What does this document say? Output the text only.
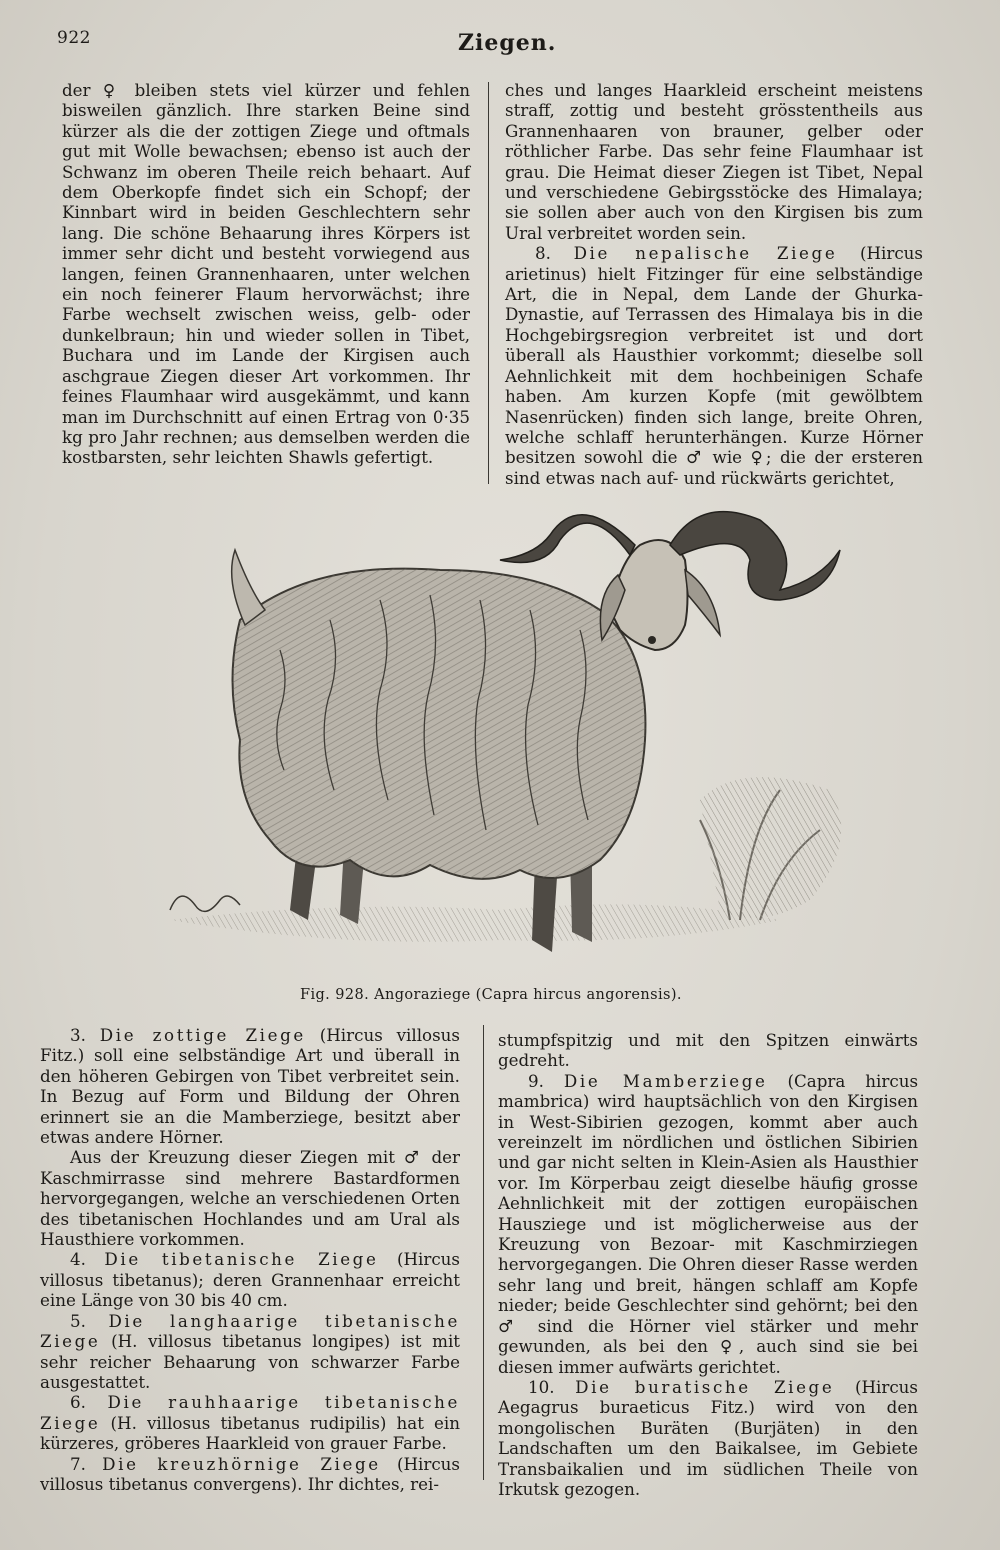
922	Ziegen.

der ♀ bleiben stets viel kürzer und fehlen bisweilen gänzlich. Ihre starken Beine sind kürzer als die der zottigen Ziege und oftmals gut mit Wolle bewachsen; ebenso ist auch der Schwanz im oberen Theile reich behaart. Auf dem Oberkopfe findet sich ein Schopf; der Kinnbart wird in beiden Geschlechtern sehr lang. Die schöne Behaarung ihres Körpers ist immer sehr dicht und besteht vorwiegend aus langen, feinen Grannenhaaren, unter welchen ein noch feinerer Flaum hervorwächst; ihre Farbe wechselt zwischen weiss, gelb- oder dunkelbraun; hin und wieder sollen in Tibet, Buchara und im Lande der Kirgisen auch aschgraue Ziegen dieser Art vorkommen. Ihr feines Flaumhaar wird ausgekämmt, und kann man im Durchschnitt auf einen Ertrag von 0·35 kg pro Jahr rechnen; aus demselben werden die kostbarsten, sehr leichten Shawls gefertigt.

ches und langes Haarkleid erscheint meistens straff, zottig und besteht grösstentheils aus Grannenhaaren von brauner, gelber oder röthlicher Farbe. Das sehr feine Flaumhaar ist grau. Die Heimat dieser Ziegen ist Tibet, Nepal und verschiedene Gebirgsstöcke des Himalaya; sie sollen aber auch von den Kirgisen bis zum Ural verbreitet worden sein.

8. Die nepalische Ziege (Hircus arietinus) hielt Fitzinger für eine selbständige Art, die in Nepal, dem Lande der Ghurka-Dynastie, auf Terrassen des Himalaya bis in die Hochgebirgsregion verbreitet ist und dort überall als Hausthier vorkommt; dieselbe soll Aehnlichkeit mit dem hochbeinigen Schafe haben. Am kurzen Kopfe (mit gewölbtem Nasenrücken) finden sich lange, breite Ohren, welche schlaff herunterhängen. Kurze Hörner besitzen sowohl die ♂ wie ♀; die der ersteren sind etwas nach auf- und rückwärts gerichtet,

Fig. 928. Angoraziege (Capra hircus angorensis).

3. Die zottige Ziege (Hircus villosus Fitz.) soll eine selbständige Art und überall in den höheren Gebirgen von Tibet verbreitet sein. In Bezug auf Form und Bildung der Ohren erinnert sie an die Mamberziege, besitzt aber etwas andere Hörner.

Aus der Kreuzung dieser Ziegen mit ♂ der Kaschmirrasse sind mehrere Bastardformen hervorgegangen, welche an verschiedenen Orten des tibetanischen Hochlandes und am Ural als Hausthiere vorkommen.

4. Die tibetanische Ziege (Hircus villosus tibetanus); deren Grannenhaar erreicht eine Länge von 30 bis 40 cm.

5. Die langhaarige tibetanische Ziege (H. villosus tibetanus longipes) ist mit sehr reicher Behaarung von schwarzer Farbe ausgestattet.

6. Die rauhhaarige tibetanische Ziege (H. villosus tibetanus rudipilis) hat ein kürzeres, gröberes Haarkleid von grauer Farbe.

7. Die kreuzhörnige Ziege (Hircus villosus tibetanus convergens). Ihr dichtes, rei-

stumpfspitzig und mit den Spitzen einwärts gedreht.

9. Die Mamberziege (Capra hircus mambrica) wird hauptsächlich von den Kirgisen in West-Sibirien gezogen, kommt aber auch vereinzelt im nördlichen und östlichen Sibirien und gar nicht selten in Klein-Asien als Hausthier vor. Im Körperbau zeigt dieselbe häufig grosse Aehnlichkeit mit der zottigen europäischen Hausziege und ist möglicherweise aus der Kreuzung von Bezoar- mit Kaschmirziegen hervorgegangen. Die Ohren dieser Rasse werden sehr lang und breit, hängen schlaff am Kopfe nieder; beide Geschlechter sind gehörnt; bei den ♂ sind die Hörner viel stärker und mehr gewunden, als bei den ♀, auch sind sie bei diesen immer aufwärts gerichtet.

10. Die buratische Ziege (Hircus Aegagrus buraeticus Fitz.) wird von den mongolischen Buräten (Burjäten) in den Landschaften um den Baikalsee, im Gebiete Transbaikalien und im südlichen Theile von Irkutsk gezogen.
